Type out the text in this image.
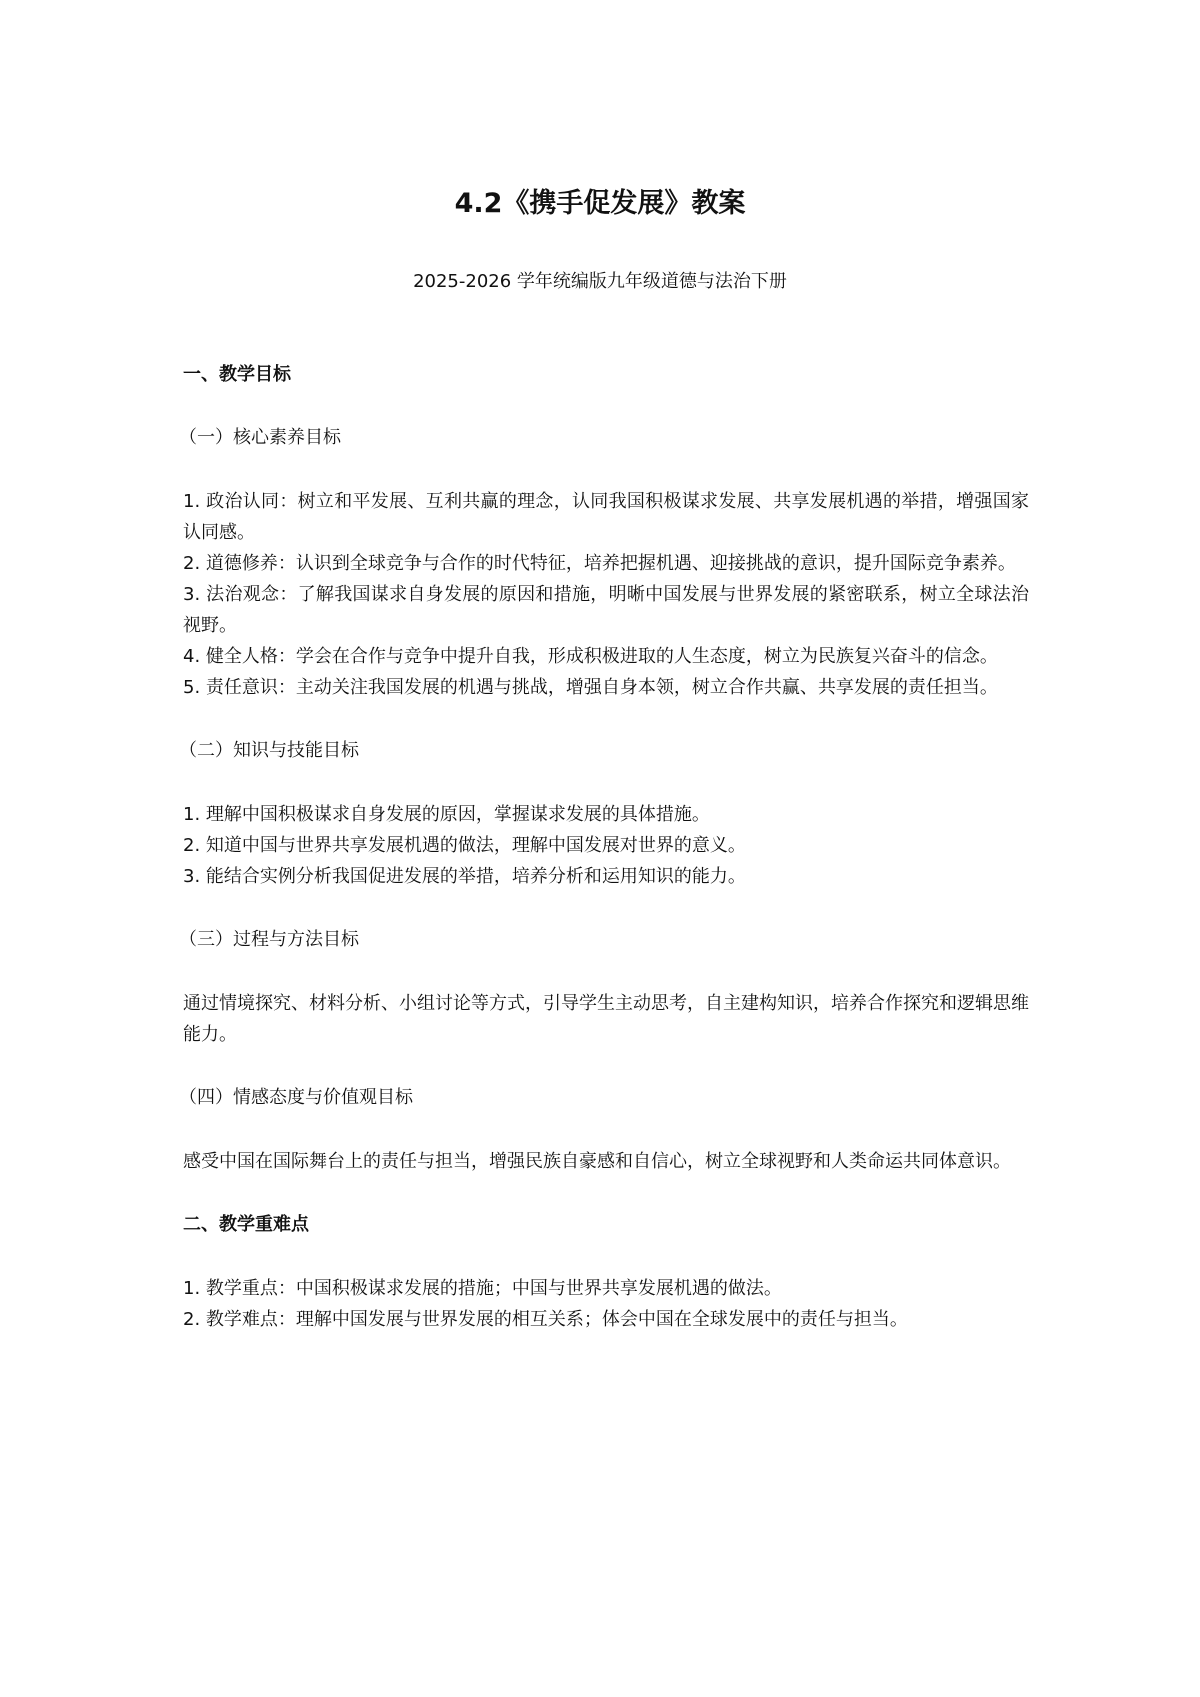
4.2《携手促发展》教案

2025-2026 学年统编版九年级道德与法治下册

一、教学目标

（一）核心素养目标

1. 政治认同：树立和平发展、互利共赢的理念，认同我国积极谋求发展、共享发展机遇的举措，增强国家认同感。
2. 道德修养：认识到全球竞争与合作的时代特征，培养把握机遇、迎接挑战的意识，提升国际竞争素养。
3. 法治观念：了解我国谋求自身发展的原因和措施，明晰中国发展与世界发展的紧密联系，树立全球法治视野。
4. 健全人格：学会在合作与竞争中提升自我，形成积极进取的人生态度，树立为民族复兴奋斗的信念。
5. 责任意识：主动关注我国发展的机遇与挑战，增强自身本领，树立合作共赢、共享发展的责任担当。

（二）知识与技能目标

1. 理解中国积极谋求自身发展的原因，掌握谋求发展的具体措施。
2. 知道中国与世界共享发展机遇的做法，理解中国发展对世界的意义。
3. 能结合实例分析我国促进发展的举措，培养分析和运用知识的能力。

（三）过程与方法目标

通过情境探究、材料分析、小组讨论等方式，引导学生主动思考，自主建构知识，培养合作探究和逻辑思维能力。

（四）情感态度与价值观目标

感受中国在国际舞台上的责任与担当，增强民族自豪感和自信心，树立全球视野和人类命运共同体意识。

二、教学重难点

1. 教学重点：中国积极谋求发展的措施；中国与世界共享发展机遇的做法。
2. 教学难点：理解中国发展与世界发展的相互关系；体会中国在全球发展中的责任与担当。
